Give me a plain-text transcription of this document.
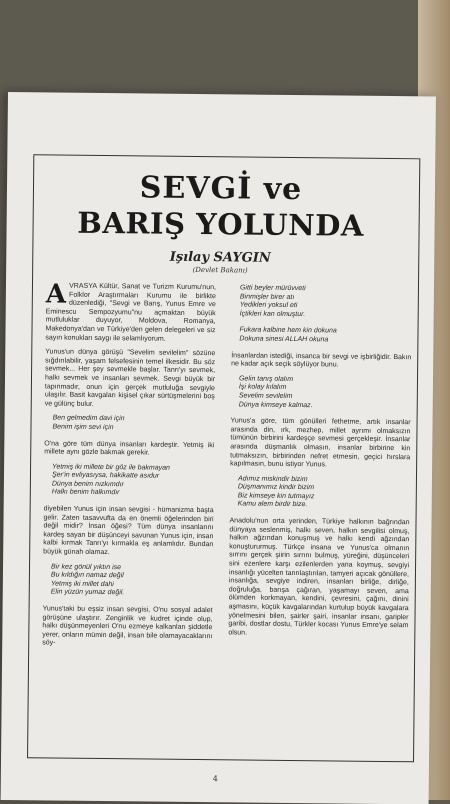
SEVGİ ve
BARIŞ YOLUNDA
Işılay SAYGIN
(Devlet Bakanı)

AVRASYA Kültür, Sanat ve Turizm Kurumu'nun, Folklor Araştırmaları Kurumu ile birlikte düzenlediği, "Sevgi ve Barış, Yunus Emre ve Eminescu Sempozyumu"nu açmaktan büyük mutluluklar duyuyor, Moldova, Romanya, Makedonya'dan ve Türkiye'den gelen delegeleri ve siz sayın konukları saygı ile selamlıyorum.

Yunus'un dünya görüşü "Sevelim sevilelim" sözüne sığdırılabilir, yaşam felsefesinin temel ilkesidir. Bu söz sevmek... Her şey sevmekle başlar. Tanrı'yı sevmek, halkı sevmek ve insanları sevmek. Sevgi büyük bir tapınmadır, onun için gerçek mutluluğa sevgiyle ulaşılır. Basit kavgaları kişisel çıkar sürtüşmelerini boş ve gülünç bulur.

Ben gelmedim davi için
Benim işim sevi için

O'na göre tüm dünya insanları kardeştir. Yetmiş iki millete aynı gözle bakmak gerekir.

Yetmiş iki millete bir göz ile bakmayan
Şer'in evliyasıysa, hakikatte asıdur
Dünya benim nızkımdır
Halkı benim halkımdır

diyebilen Yunus için insan sevgisi - hümanizma başta gelir. Zaten tasavvufta da en önemli öğelerinden biri değil midir? İnsan öğesi? Tüm dünya insanlarını kardeş sayan bir düşünceyi savunan Yunus için, insan kalbi kırmak Tanrı'yı kırmakla eş anlamlıdır. Bundan büyük günah olamaz.

Bir kez gönül yıktın ise
Bu kıldığın namaz değil
Yetmiş iki millet dahi
Elin yüzün yumaz değil.

Yunus'taki bu eşsiz insan sevgisi, O'nu sosyal adalet görüşüne ulaştırır. Zenginlik ve kudret içinde olup, halkı düşünmeyenleri O'nu ezmeye kalkanları şiddetle yerer, onların mümin değil, insan bile olamayacaklarını söy-

Gitti beyler mürüvveti
Binmişler birer atı
Yedikleri yoksul eti
İçtikleri kan olmuştur.
Fukara kalbine hem kin dokuna
Dokuna sinesi ALLAH okuna

İnsanlardan istediği, insanca bir sevgi ve işbirliğidir. Bakın ne kadar açık seçik söylüyor bunu.

Gelin tanış olalım
İşi kolay kılalım
Sevelim sevilelim
Dünya kimseye kalmaz.

Yunus'a göre, tüm gönülleri fethetme, artık insanlar arasında din, ırk, mezhep, millet ayrımı olmaksızın tümünün birbirini kardeşçe sevmesi gerçekleşir. İnsanlar arasında düşmanlık olmasın, insanlar birbirine kin tutmaksızın, birbirinden nefret etmesin, geçici hırslara kapılmasın, bunu istiyor Yunus.

Adımız miskindir bizim
Düşmanımız kindir bizim
Biz kimseye kin tutmayız
Kamu alem birdir bize.

Anadolu'nun orta yerinden, Türkiye halkının bağrından dünyaya seslenmiş, halkı seven, halkın sevgilisi olmuş, halkın ağzından konuşmuş ve halkı kendi ağzından konuştururmuş. Türkçe insana ve Yunus'ca olmanın sırrını gerçek şiirin sırrını bulmuş, yüreğini, düşünceleri sini ezenlere karşı ezilenlerden yana koymuş, sevgiyi insanlığı yücelten tanrılaştırılan, tamyeri açıcak gönüllere, insanlığa, sevgiye indiren, insanları birliğe, dirliğe, doğruluğa, barışa çağıran, yaşamayı seven, ama ölümden korkmayan, kendini, çevresini, çağını, dinini aşmasını, küçük kavgalarından kurtulup büyük kavgalara yönelmesini bilen, şairler şairi, insanlar insanı, garipler garibi, dostlar dostu, Türkler kocası Yunus Emre'ye selam olsun.

4
